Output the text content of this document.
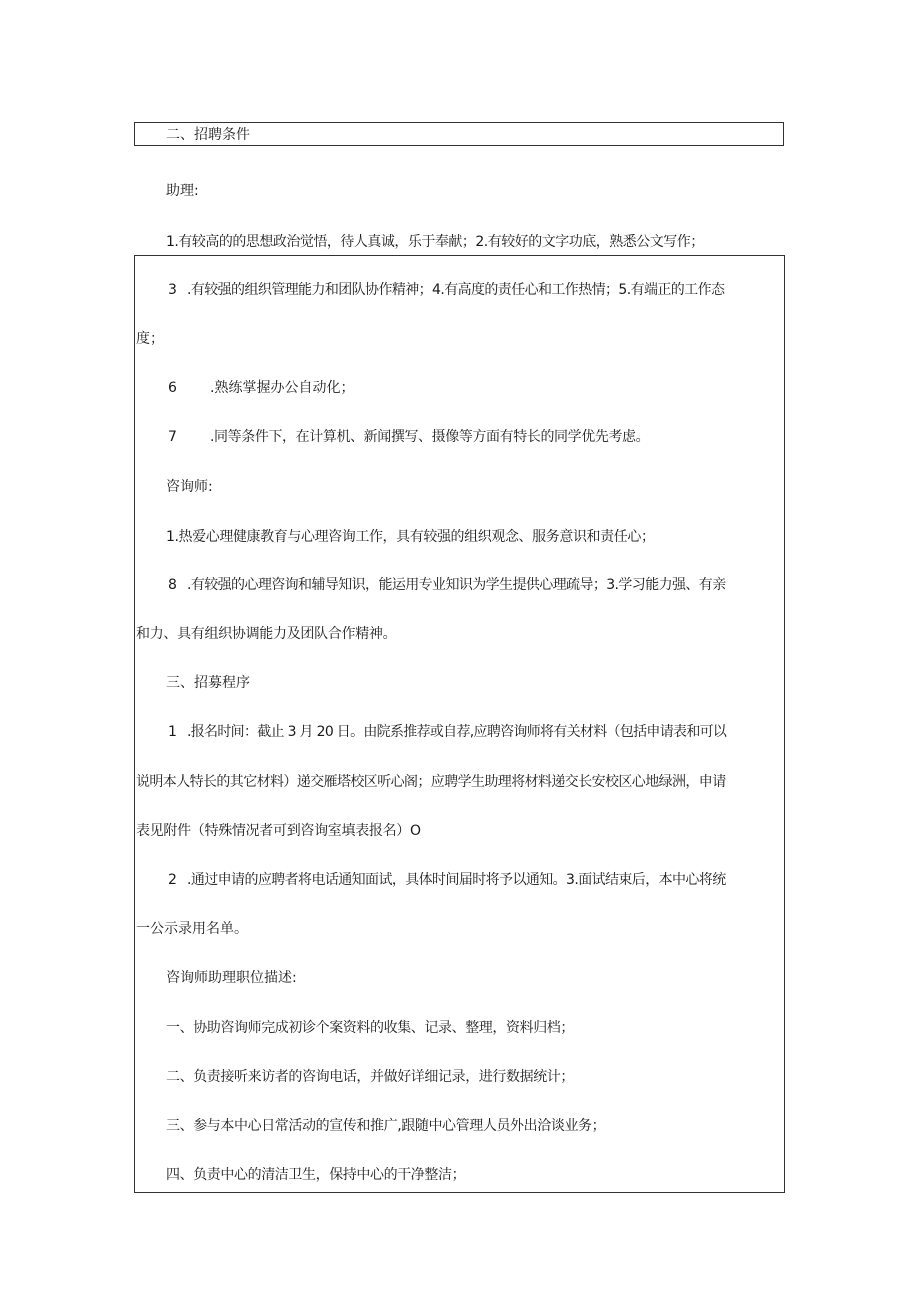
二、招聘条件
助理:
1.有较高的的思想政治觉悟，待人真诚，乐于奉献；2.有较好的文字功底，熟悉公文写作；
3 .有较强的组织管理能力和团队协作精神；4.有高度的责任心和工作热情；5.有端正的工作态
度；
6 .熟练掌握办公自动化；
7 .同等条件下，在计算机、新闻撰写、摄像等方面有特长的同学优先考虑。
咨询师:
1.热爱心理健康教育与心理咨询工作，具有较强的组织观念、服务意识和责任心；
8 .有较强的心理咨询和辅导知识，能运用专业知识为学生提供心理疏导；3.学习能力强、有亲
和力、具有组织协调能力及团队合作精神。
三、招募程序
1 .报名时间：截止 3 月 20 日。由院系推荐或自荐,应聘咨询师将有关材料（包括申请表和可以
说明本人特长的其它材料）递交雁塔校区听心阁；应聘学生助理将材料递交长安校区心地绿洲，申请
表见附件（特殊情况者可到咨询室填表报名）O
2 .通过申请的应聘者将电话通知面试，具体时间届时将予以通知。3.面试结束后，本中心将统
一公示录用名单。
咨询师助理职位描述:
一、协助咨询师完成初诊个案资料的收集、记录、整理，资料归档；
二、负责接听来访者的咨询电话，并做好详细记录，进行数据统计；
三、参与本中心日常活动的宣传和推广,跟随中心管理人员外出洽谈业务；
四、负责中心的清洁卫生，保持中心的干净整洁；
